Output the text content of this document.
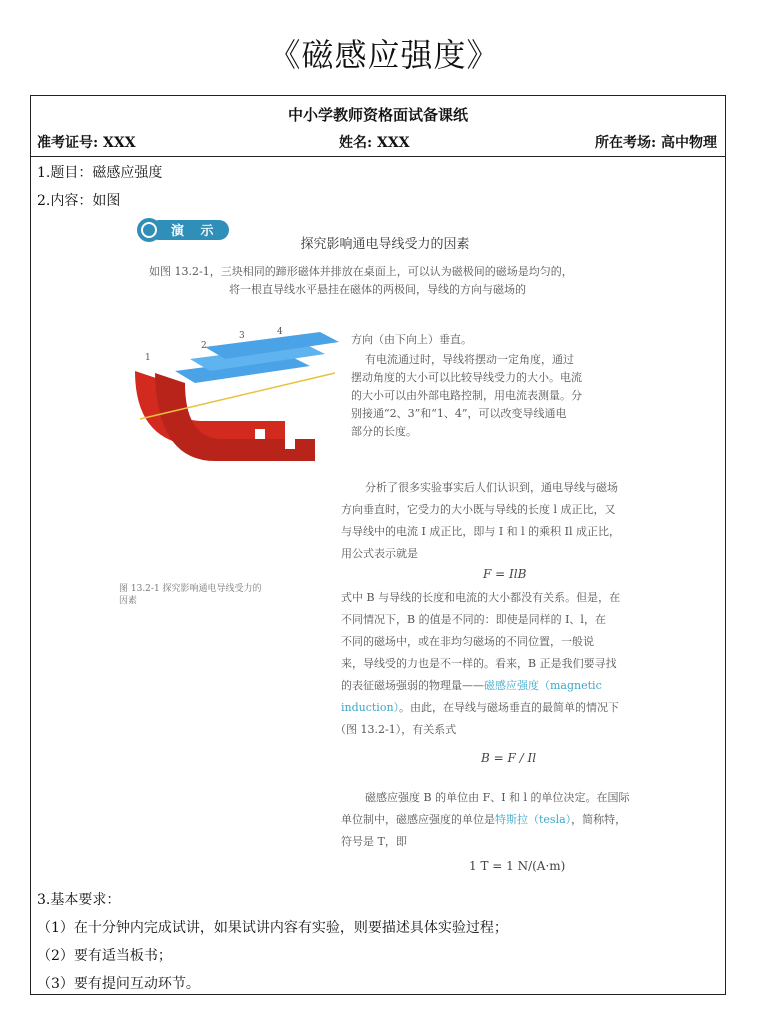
《磁感应强度》
中小学教师资格面试备课纸
准考证号: XXX	姓名: XXX	所在考场: 高中物理
1.题目：磁感应强度
2.内容：如图
演 示
探究影响通电导线受力的因素
如图 13.2-1，三块相同的蹄形磁体并排放在桌面上，可以认为磁极间的磁场是均匀的，
将一根直导线水平悬挂在磁体的两极间，导线的方向与磁场的
1
2
3	4
方向（由下向上）垂直。
有电流通过时，导线将摆动一定角度，通过
摆动角度的大小可以比较导线受力的大小。电流
的大小可以由外部电路控制，用电流表测量。分
别接通“2、3”和“1、4”，可以改变导线通电
部分的长度。
图 13.2-1 探究影响通电导线受力的因素
分析了很多实验事实后人们认识到，通电导线与磁场
方向垂直时，它受力的大小既与导线的长度 l 成正比，又
与导线中的电流 I 成正比，即与 I 和 l 的乘积 Il 成正比，
用公式表示就是
F = IlB
式中 B 与导线的长度和电流的大小都没有关系。但是，在
不同情况下，B 的值是不同的：即使是同样的 I、l，在
不同的磁场中，或在非均匀磁场的不同位置，一般说
来，导线受的力也是不一样的。看来，B 正是我们要寻找
的表征磁场强弱的物理量——磁感应强度（magnetic
induction）。由此，在导线与磁场垂直的最简单的情况下
（图 13.2-1），有关系式
B = F / Il
磁感应强度 B 的单位由 F、I 和 l 的单位决定。在国际
单位制中，磁感应强度的单位是特斯拉（tesla），简称特，
符号是 T，即
1 T = 1 N/(A·m)
3.基本要求：
（1）在十分钟内完成试讲，如果试讲内容有实验，则要描述具体实验过程；
（2）要有适当板书；
（3）要有提问互动环节。
